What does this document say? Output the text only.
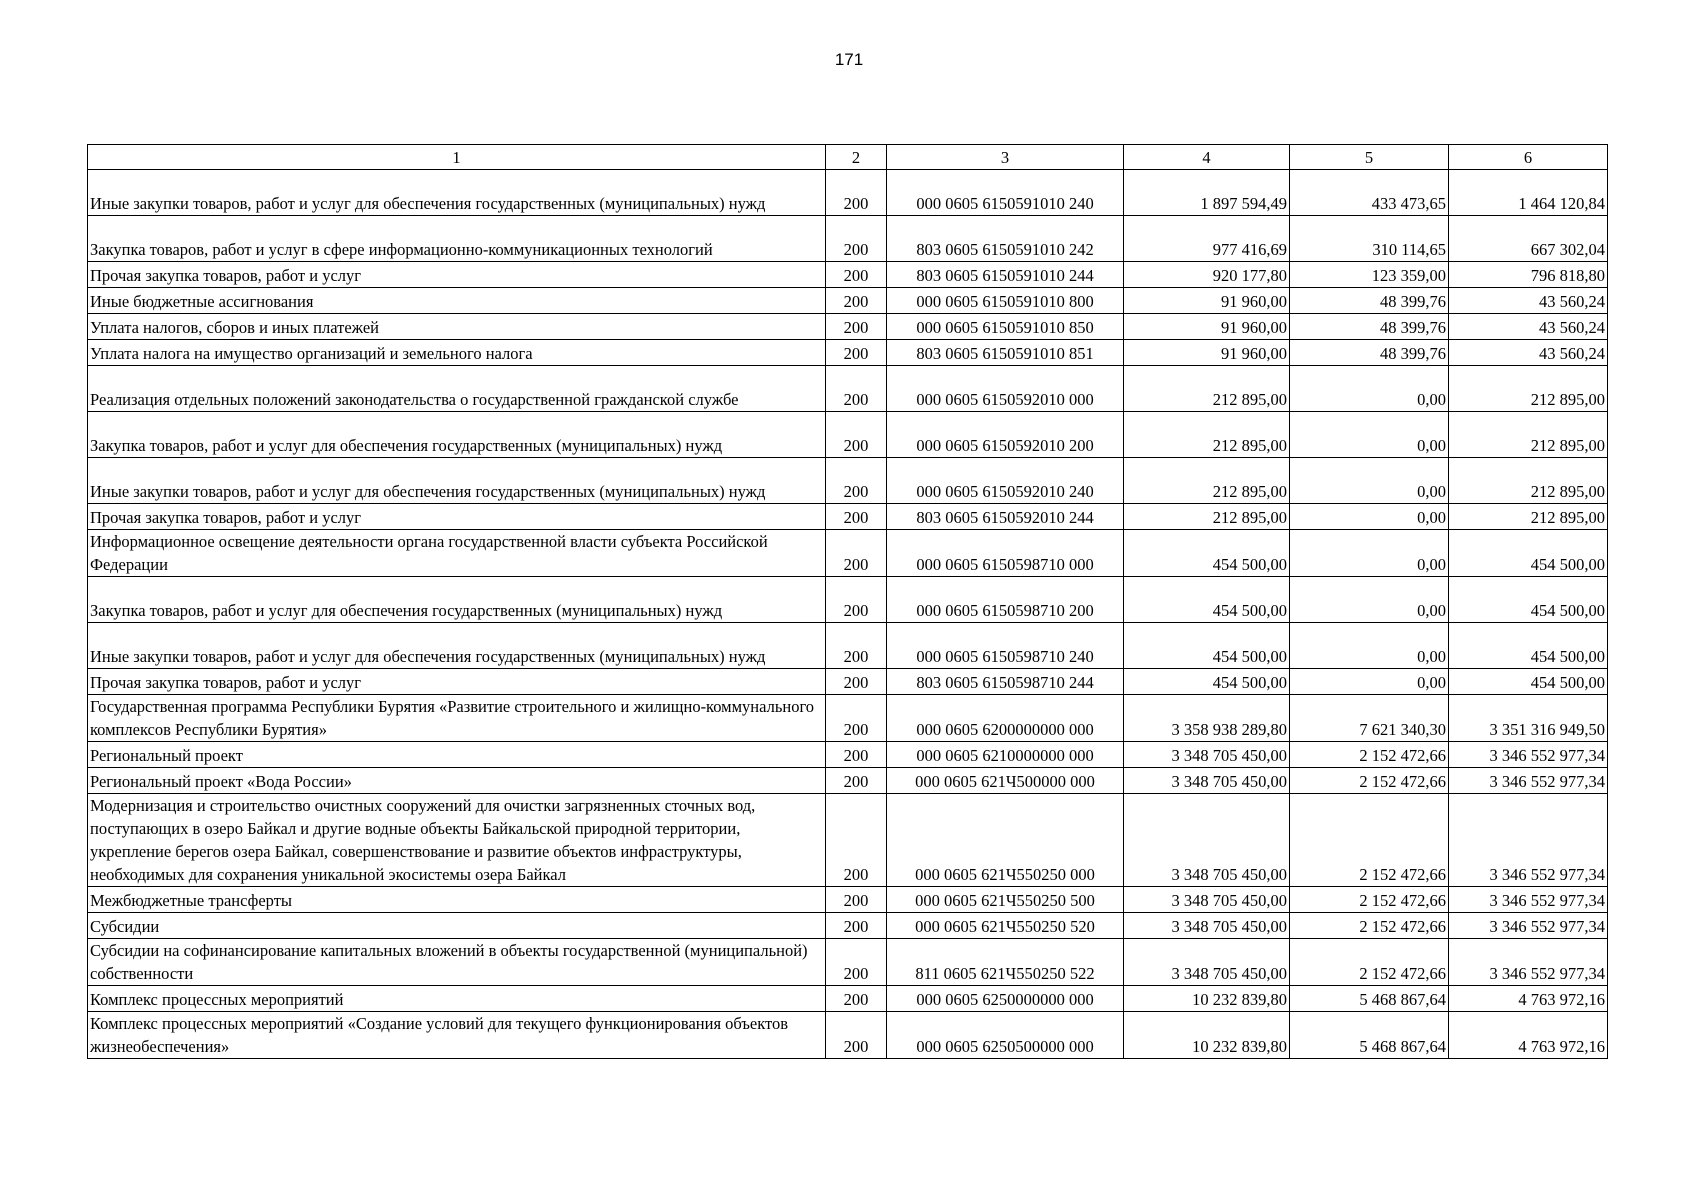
171
1	2	3	4	5	6
Иные закупки товаров, работ и услуг для обеспечения государственных (муниципальных) нужд	200	000 0605 6150591010 240	1 897 594,49	433 473,65	1 464 120,84
Закупка товаров, работ и услуг в сфере информационно-коммуникационных технологий	200	803 0605 6150591010 242	977 416,69	310 114,65	667 302,04
Прочая закупка товаров, работ и услуг	200	803 0605 6150591010 244	920 177,80	123 359,00	796 818,80
Иные бюджетные ассигнования	200	000 0605 6150591010 800	91 960,00	48 399,76	43 560,24
Уплата налогов, сборов и иных платежей	200	000 0605 6150591010 850	91 960,00	48 399,76	43 560,24
Уплата налога на имущество организаций и земельного налога	200	803 0605 6150591010 851	91 960,00	48 399,76	43 560,24
Реализация отдельных положений законодательства о государственной гражданской службе	200	000 0605 6150592010 000	212 895,00	0,00	212 895,00
Закупка товаров, работ и услуг для обеспечения государственных (муниципальных) нужд	200	000 0605 6150592010 200	212 895,00	0,00	212 895,00
Иные закупки товаров, работ и услуг для обеспечения государственных (муниципальных) нужд	200	000 0605 6150592010 240	212 895,00	0,00	212 895,00
Прочая закупка товаров, работ и услуг	200	803 0605 6150592010 244	212 895,00	0,00	212 895,00
Информационное освещение деятельности органа государственной власти субъекта Российской Федерации	200	000 0605 6150598710 000	454 500,00	0,00	454 500,00
Закупка товаров, работ и услуг для обеспечения государственных (муниципальных) нужд	200	000 0605 6150598710 200	454 500,00	0,00	454 500,00
Иные закупки товаров, работ и услуг для обеспечения государственных (муниципальных) нужд	200	000 0605 6150598710 240	454 500,00	0,00	454 500,00
Прочая закупка товаров, работ и услуг	200	803 0605 6150598710 244	454 500,00	0,00	454 500,00
Государственная программа Республики Бурятия «Развитие строительного и жилищно-коммунального комплексов Республики Бурятия»	200	000 0605 6200000000 000	3 358 938 289,80	7 621 340,30	3 351 316 949,50
Региональный проект	200	000 0605 6210000000 000	3 348 705 450,00	2 152 472,66	3 346 552 977,34
Региональный проект «Вода России»	200	000 0605 621Ч500000 000	3 348 705 450,00	2 152 472,66	3 346 552 977,34
Модернизация и строительство очистных сооружений для очистки загрязненных сточных вод, поступающих в озеро Байкал и другие водные объекты Байкальской природной территории, укрепление берегов озера Байкал, совершенствование и развитие объектов инфраструктуры, необходимых для сохранения уникальной экосистемы озера Байкал	200	000 0605 621Ч550250 000	3 348 705 450,00	2 152 472,66	3 346 552 977,34
Межбюджетные трансферты	200	000 0605 621Ч550250 500	3 348 705 450,00	2 152 472,66	3 346 552 977,34
Субсидии	200	000 0605 621Ч550250 520	3 348 705 450,00	2 152 472,66	3 346 552 977,34
Субсидии на софинансирование капитальных вложений в объекты государственной (муниципальной) собственности	200	811 0605 621Ч550250 522	3 348 705 450,00	2 152 472,66	3 346 552 977,34
Комплекс процессных мероприятий	200	000 0605 6250000000 000	10 232 839,80	5 468 867,64	4 763 972,16
Комплекс процессных мероприятий «Создание условий для текущего функционирования объектов жизнеобеспечения»	200	000 0605 6250500000 000	10 232 839,80	5 468 867,64	4 763 972,16
